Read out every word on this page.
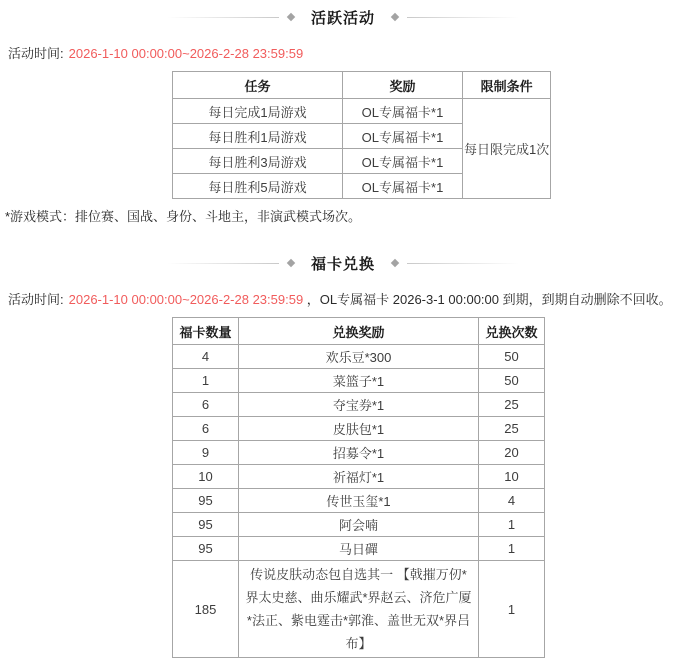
活跃活动

活动时间: 2026-1-10 00:00:00~2026-2-28 23:59:59

任务	奖励	限制条件
每日完成1局游戏	OL专属福卡*1	每日限完成1次
每日胜利1局游戏	OL专属福卡*1	
每日胜利3局游戏	OL专属福卡*1	
每日胜利5局游戏	OL专属福卡*1	

*游戏模式：排位赛、国战、身份、斗地主，非演武模式场次。

福卡兑换

活动时间: 2026-1-10 00:00:00~2026-2-28 23:59:59 ，OL专属福卡 2026-3-1 00:00:00 到期，到期自动删除不回收。

福卡数量	兑换奖励	兑换次数
4	欢乐豆*300	50
1	菜篮子*1	50
6	夺宝券*1	25
6	皮肤包*1	25
9	招募令*1	20
10	祈福灯*1	10
95	传世玉玺*1	4
95	阿会喃	1
95	马日磾	1
185	传说皮肤动态包自选其一 【戟摧万仞*界太史慈、曲乐耀武*界赵云、济危广厦*法正、紫电霆击*郭淮、盖世无双*界吕布】	1
